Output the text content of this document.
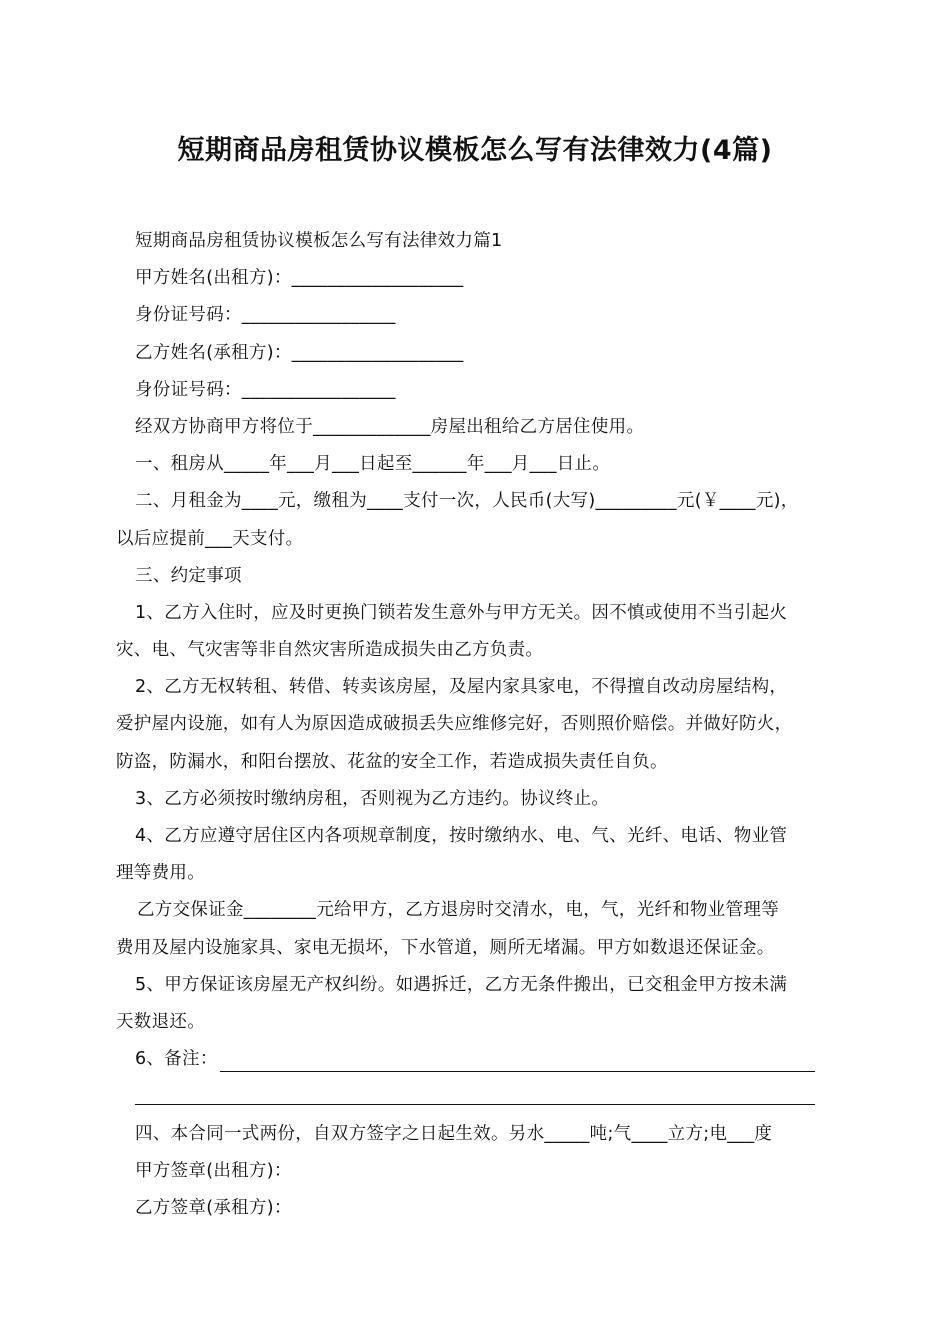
短期商品房租赁协议模板怎么写有法律效力(4篇)
短期商品房租赁协议模板怎么写有法律效力篇1
甲方姓名(出租方)：___________________
身份证号码：_________________
乙方姓名(承租方)：___________________
身份证号码：_________________
经双方协商甲方将位于_____________房屋出租给乙方居住使用。
一、租房从_____年___月___日起至______年___月___日止。
二、月租金为____元，缴租为____支付一次，人民币(大写)_________元(￥____元)，
以后应提前___天支付。
三、约定事项
1、乙方入住时，应及时更换门锁若发生意外与甲方无关。因不慎或使用不当引起火
灾、电、气灾害等非自然灾害所造成损失由乙方负责。
2、乙方无权转租、转借、转卖该房屋，及屋内家具家电，不得擅自改动房屋结构，
爱护屋内设施，如有人为原因造成破损丢失应维修完好，否则照价赔偿。并做好防火，
防盗，防漏水，和阳台摆放、花盆的安全工作，若造成损失责任自负。
3、乙方必须按时缴纳房租，否则视为乙方违约。协议终止。
4、乙方应遵守居住区内各项规章制度，按时缴纳水、电、气、光纤、电话、物业管
理等费用。
乙方交保证金________元给甲方，乙方退房时交清水，电，气，光纤和物业管理等
费用及屋内设施家具、家电无损坏，下水管道，厕所无堵漏。甲方如数退还保证金。
5、甲方保证该房屋无产权纠纷。如遇拆迁，乙方无条件搬出，已交租金甲方按未满
天数退还。
6、备注：
四、本合同一式两份，自双方签字之日起生效。另水_____吨;气____立方;电___度
甲方签章(出租方)：
乙方签章(承租方)：
